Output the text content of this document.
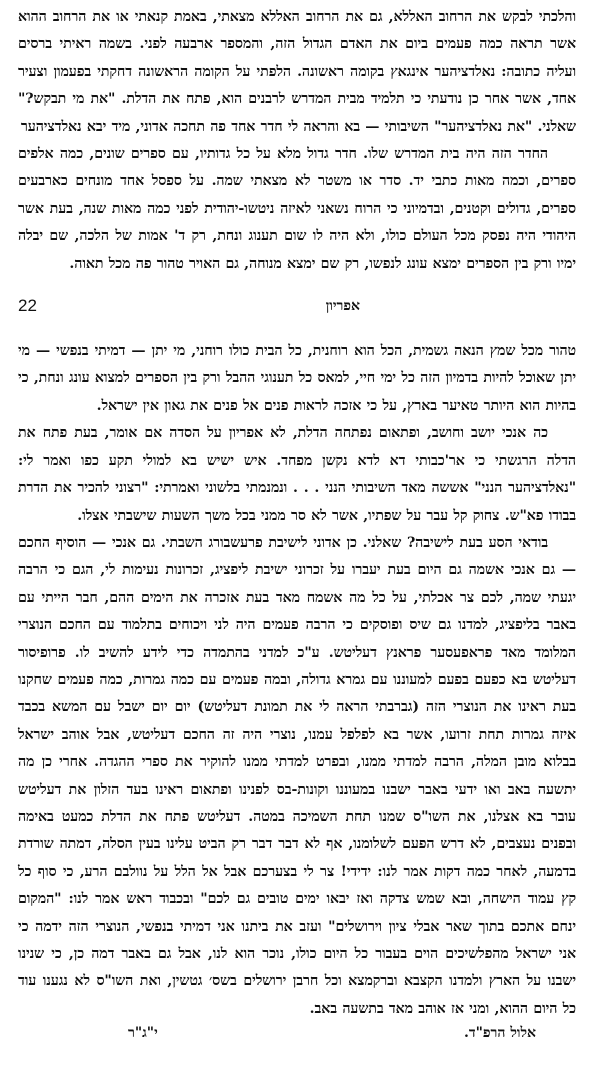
והלכתי לבקש את הרחוב האללא, גם את הרחוב האללא מצאתי, באמת קנאתי או את הרחוב ההוא אשר תראה כמה פעמים ביום את האדם הגדול הזה, והמספר ארבעה לפני. בשמה ראיתי ברסים ועליה כתובה: נאלדציהער אינגאץ בקומה ראשונה. הלפתי על הקומה הראשונה דחקתי בפעמון וצעיר אחד, אשר אחר כן נודעתי כי תלמיד מבית המדרש לרבנים הוא, פתח את הדלת. "את מי תבקש?" שאלני. "את נאלדציהער" השיבותי — בא והראה לי חדר אחד פה תחכה אדוני, מיד יבא נאלדציהער

החדר הזה היה בית המדרש שלו. חדר גדול מלא על כל גדותיו, עם ספרים שונים, כמה אלפים ספרים, וכמה מאות כתבי יד. סדר או משטר לא מצאתי שמה. על ספסל אחד מונחים כארבעים ספרים, גדולים וקטנים, ובדמיוני כי הרוח נשאני לאיזה ניטשו-יהודית לפני כמה מאות שנה, בעת אשר היהודי היה נפסק מכל העולם כולו, ולא היה לו שום תענוג ונחת, רק ד' אמות של הלכה, שם יבלה ימיו ורק בין הספרים ימצא עונג לנפשו, רק שם ימצא מנוחה, גם האויר טהור פה מכל תאוה.

22	אפריון

טהור מכל שמץ הנאה גשמית, הכל הוא רוחנית, כל הבית כולו רוחני, מי יתן — דמיתי בנפשי — מי יתן שאוכל להיות בדמיון הזה כל ימי חיי, למאס כל תענוגי ההבל ורק בין הספרים למצוא עונג ונחת, כי בהיות הוא היותר טאיער בארץ, על כי אזכה לראות פנים אל פנים את גאון אין ישראל.

כה אנכי יושב וחושב, ופתאום נפתחה הדלת, לא אפריון על הסדה אם אומר, בעת פתח את הדלה הרגשתי כי אר'כבותי דא לדא נקשן מפחד. איש ישיש בא למולי תקע כפו ואמר לי: "נאלדציהער הנני" אששה מאד השיבותי הנני . . . ונמנמתי בלשוני ואמרתי: "רצוני להכיר את הדרת בבודו פא"ש. צחוק קל עבר על שפתיו, אשר לא סר ממני בכל משך השעות שישבתי אצלו.

בודאי הסע בעת לישיבה? שאלני. כן אדוני לישיבת פרעשבורג השבתי. גם אנכי — הוסיף החכם — גם אנכי אשמה גם היום בעת יעברו על זכרוני ישיבת ליפציג, זכרונות נעימות לי, הגם כי הרבה יגעתי שמה, לכם צר אכלתי, על כל מה אשמח מאד בעת אזכרה את הימים ההם, חבר הייתי עם באבר בליפציג, למדנו גם שיס ופוסקים כי הרבה פעמים היה לני ויכוחים בתלמוד עם החכם הנוצרי המלומד מאד פראפעסער פראנץ דעליטש. ע"כ למדני בהתמדה כדי לידע להשיב לו. פרופיסור דעליטש בא כפעם בפעם למעוננו עם גמרא גדולה, ובמה פעמים עם כמה גמרות, כמה פעמים שחקנו בעת ראינו את הנוצרי הזה (גברבתי הראה לי את תמונת דעליטש) יום יום ישבל עם המשא בכבד איזה גמרות תחת זרועו, אשר בא לפלפל עמנו, נוצרי היה זה החכם דעליטש, אבל אוהב ישראל בבלוא מובן המלה, הרבה למדתי ממנו, ובפרט למדתי ממנו להוקיר את ספרי ההגדה. אחרי כן מה יתשעה באב ואו ידעי באבר ישבנו במעוננו וקונות-בס לפנינו ופתאום ראינו בעד הזלון את דעליטש עובר בא אצלנו, את השו"ס שמנו תחת השמיכה במטה. דעליטש פתח את הדלת כמעט באימה ובפנים נעצבים, לא דרש הפעם לשלומנו, אף לא דבר דבר רק הביט עלינו בעין הסלה, דמתה שורדת בדמעה, לאחר כמה דקות אמר לנו: ידידי! צר לי בצערכם אבל אל הלל על נוולבם הרע, כי סוף כל קץ עמוד הישחה, ובא שמש צדקה ואז יבאו ימים טובים גם לכם" ובכבוד ראש אמר לנו: "המקום ינחם אתכם בתוך שאר אבלי ציון וירושלים" ועזב את ביתנו אני דמיתי בנפשי, הנוצרי הזה ידמה כי אני ישראל מהפלשיכים הוים בעבור כל היום כולו, נוכר הוא לנו, אבל גם באבר דמה כן, כי שנינו ישבנו על הארץ ולמדנו הקצבא וברקמצא וכל חרבן ירושלים בשס׳ גטשין, ואת השו"ס לא נגענו עוד כל היום ההוא, ומני אז אוהב מאד בתשעה באב.

אלול הרפ"ד.
י"ג"ר
